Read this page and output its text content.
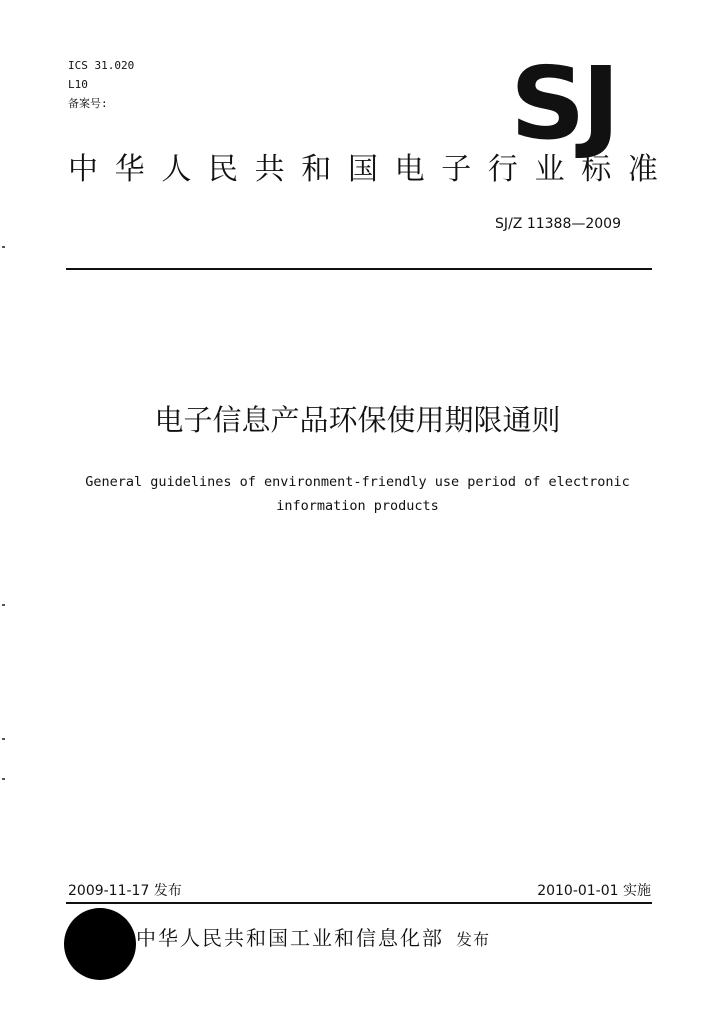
ICS 31.020
L10
备案号:	SJ
中 华 人 民 共 和 国 电 子 行 业 标 准
SJ/Z 11388—2009
电子信息产品环保使用期限通则
General guidelines of environment-friendly use period of electronic
information products
2009-11-17 发布	2010-01-01 实施
中华人民共和国工业和信息化部 发布
